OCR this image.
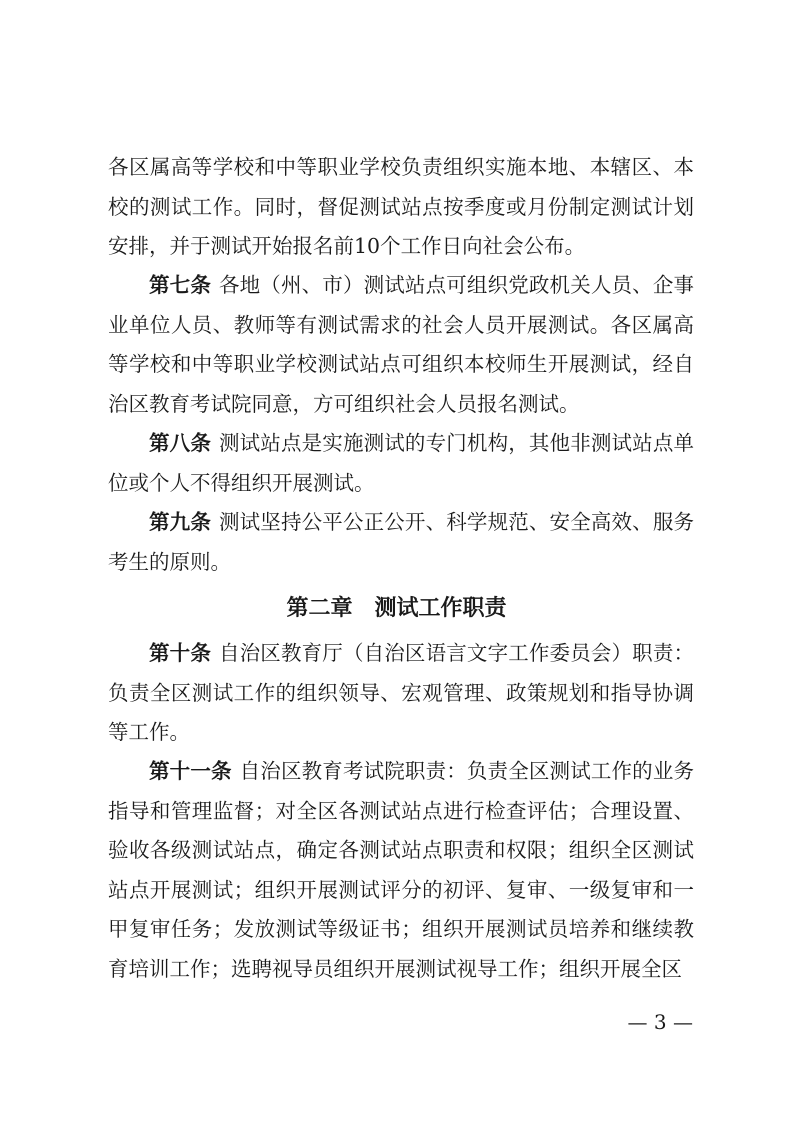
各区属高等学校和中等职业学校负责组织实施本地、本辖区、本校的测试工作。同时，督促测试站点按季度或月份制定测试计划安排，并于测试开始报名前10个工作日向社会公布。

第七条 各地（州、市）测试站点可组织党政机关人员、企事业单位人员、教师等有测试需求的社会人员开展测试。各区属高等学校和中等职业学校测试站点可组织本校师生开展测试，经自治区教育考试院同意，方可组织社会人员报名测试。

第八条 测试站点是实施测试的专门机构，其他非测试站点单位或个人不得组织开展测试。

第九条 测试坚持公平公正公开、科学规范、安全高效、服务考生的原则。

第二章 测试工作职责

第十条 自治区教育厅（自治区语言文字工作委员会）职责：负责全区测试工作的组织领导、宏观管理、政策规划和指导协调等工作。

第十一条 自治区教育考试院职责：负责全区测试工作的业务指导和管理监督；对全区各测试站点进行检查评估；合理设置、验收各级测试站点，确定各测试站点职责和权限；组织全区测试站点开展测试；组织开展测试评分的初评、复审、一级复审和一甲复审任务；发放测试等级证书；组织开展测试员培养和继续教育培训工作；选聘视导员组织开展测试视导工作；组织开展全区

— 3 —
